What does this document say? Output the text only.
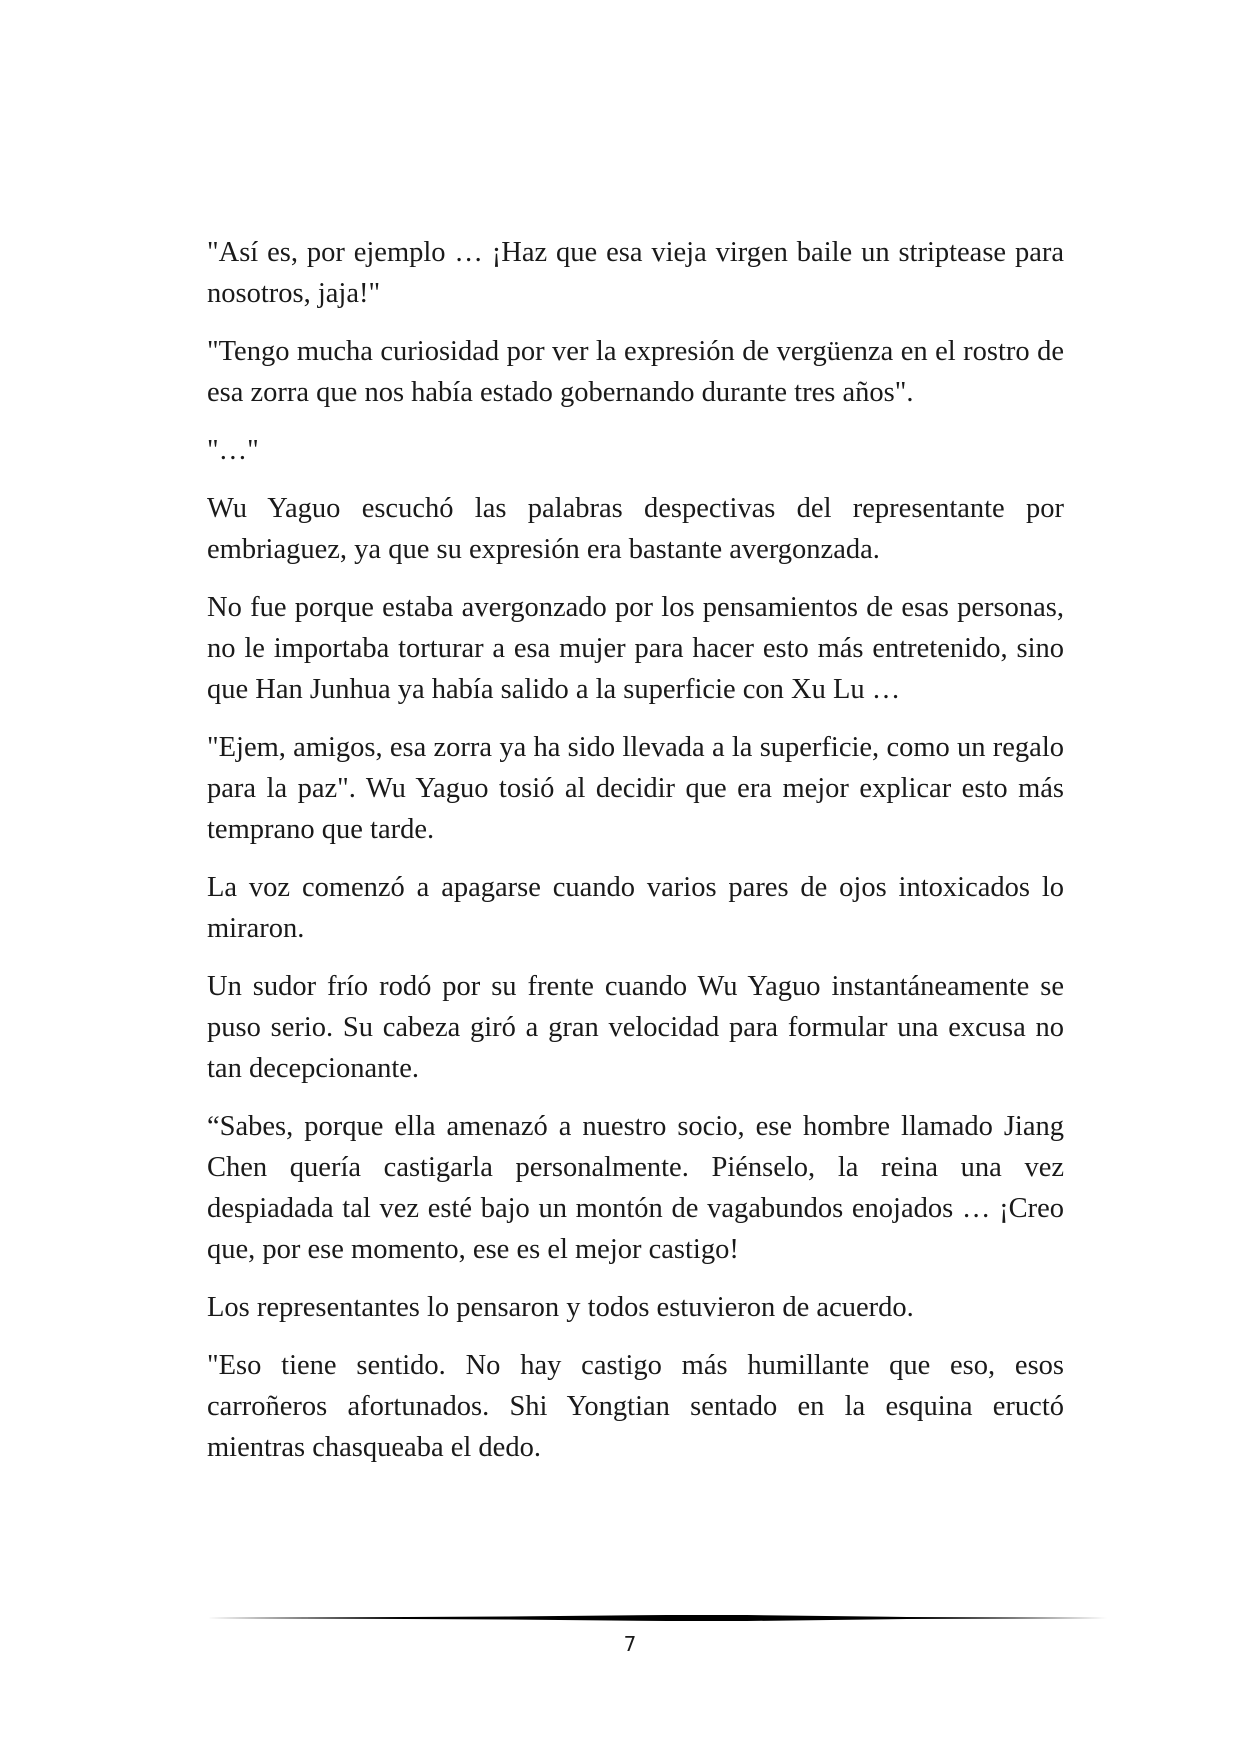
"Así es, por ejemplo … ¡Haz que esa vieja virgen baile un striptease para nosotros, jaja!"

"Tengo mucha curiosidad por ver la expresión de vergüenza en el rostro de esa zorra que nos había estado gobernando durante tres años".

"…"

Wu Yaguo escuchó las palabras despectivas del representante por embriaguez, ya que su expresión era bastante avergonzada.

No fue porque estaba avergonzado por los pensamientos de esas personas, no le importaba torturar a esa mujer para hacer esto más entretenido, sino que Han Junhua ya había salido a la superficie con Xu Lu …

"Ejem, amigos, esa zorra ya ha sido llevada a la superficie, como un regalo para la paz". Wu Yaguo tosió al decidir que era mejor explicar esto más temprano que tarde.

La voz comenzó a apagarse cuando varios pares de ojos intoxicados lo miraron.

Un sudor frío rodó por su frente cuando Wu Yaguo instantáneamente se puso serio. Su cabeza giró a gran velocidad para formular una excusa no tan decepcionante.

“Sabes, porque ella amenazó a nuestro socio, ese hombre llamado Jiang Chen quería castigarla personalmente. Piénselo, la reina una vez despiadada tal vez esté bajo un montón de vagabundos enojados … ¡Creo que, por ese momento, ese es el mejor castigo!

Los representantes lo pensaron y todos estuvieron de acuerdo.

"Eso tiene sentido. No hay castigo más humillante que eso, esos carroñeros afortunados. Shi Yongtian sentado en la esquina eructó mientras chasqueaba el dedo.

7
